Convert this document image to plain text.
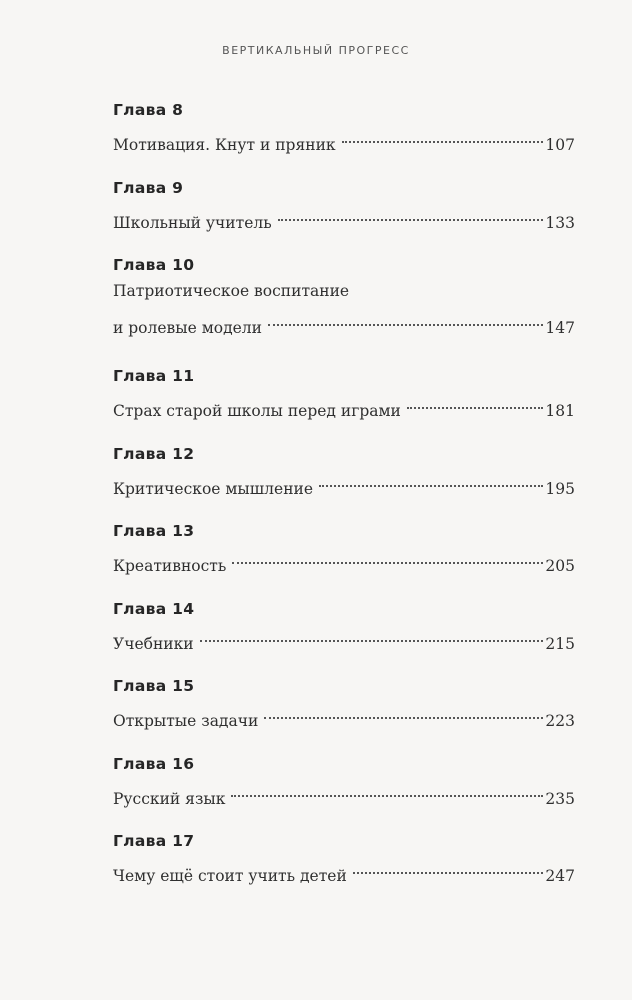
ВЕРТИКАЛЬНЫЙ ПРОГРЕСС
Глава 8
Мотивация. Кнут и пряник	107
Глава 9
Школьный учитель	133
Глава 10
Патриотическое воспитание
и ролевые модели	147
Глава 11
Страх старой школы перед играми	181
Глава 12
Критическое мышление	195
Глава 13
Креативность	205
Глава 14
Учебники	215
Глава 15
Открытые задачи	223
Глава 16
Русский язык	235
Глава 17
Чему ещё стоит учить детей	247
